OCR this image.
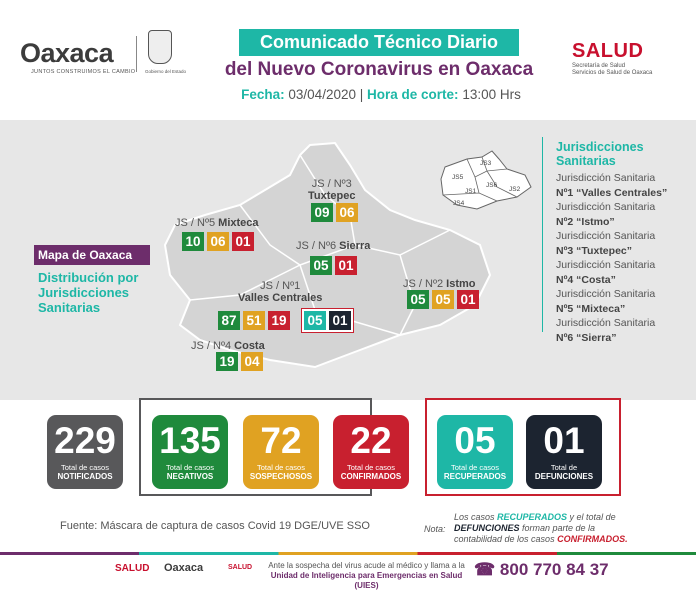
Oaxaca
JUNTOS CONSTRUIMOS EL CAMBIO Gobierno del Estado
Comunicado Técnico Diario
del Nuevo Coronavirus en Oaxaca
Fecha: 03/04/2020 | Hora de corte: 13:00 Hrs
SALUD
Secretaría de Salud
Servicios de Salud de Oaxaca
JS / Nº3
Tuxtepec
09 06
JS / Nº5 Mixteca
10 06 01	JS / Nº6 Sierra
05 01
JS / Nº1
Valles Centrales
87 51 19 05 01
JS / Nº2 Istmo
05 05 01
JS / Nº4 Costa
19 04
Mapa de Oaxaca
Distribución por
Jurisdicciones
Sanitarias
JS3
JS5
JS6
JS1	JS2
JS4
Jurisdicciones
Sanitarias
Jurisdicción Sanitaria
Nº1 “Valles Centrales”
Jurisdicción Sanitaria
Nº2 “Istmo”
Jurisdicción Sanitaria
Nº3 “Tuxtepec”
Jurisdicción Sanitaria
Nº4 “Costa”
Jurisdicción Sanitaria
Nº5 “Mixteca”
Jurisdicción Sanitaria
Nº6 “Sierra”
229
Total de casos
NOTIFICADOS
135
Total de casos
NEGATIVOS
72
Total de casos
SOSPECHOSOS
22
Total de casos
CONFIRMADOS
05
Total de casos
RECUPERADOS
01
Total de
DEFUNCIONES
Fuente: Máscara de captura de casos Covid 19 DGE/UVE SSO	Nota:
Los casos RECUPERADOS y el total de
DEFUNCIONES forman parte de la
contabilidad de los casos CONFIRMADOS.
SALUD Oaxaca	SALUD	Ante la sospecha del virus acude al médico y llama a la
Unidad de Inteligencia para Emergencias en Salud (UIES)
☎ 800 770 84 37
